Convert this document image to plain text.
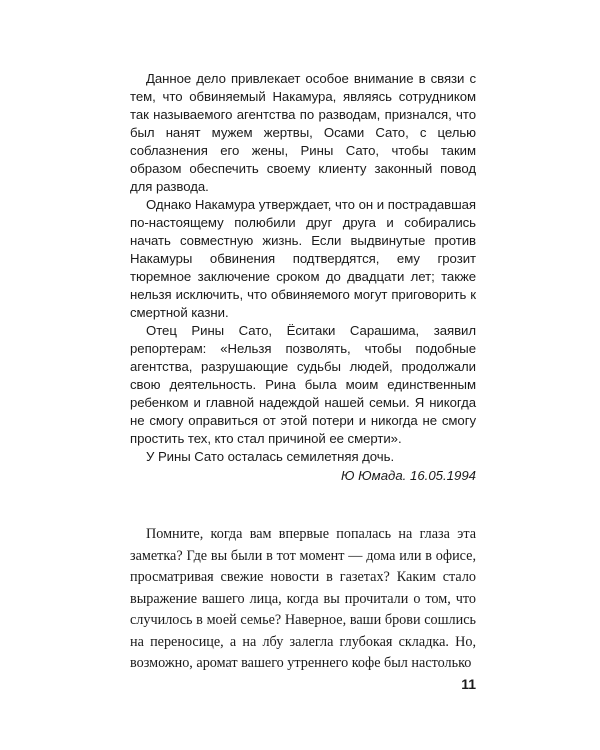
Данное дело привлекает особое внимание в связи с тем, что обвиняемый Накамура, являясь сотрудником так называемого агентства по разводам, признался, что был нанят мужем жертвы, Осами Сато, с целью соблазнения его жены, Рины Сато, чтобы таким образом обеспечить своему клиенту законный повод для развода.

Однако Накамура утверждает, что он и пострадавшая по-настоящему полюбили друг друга и собирались начать совместную жизнь. Если выдвинутые против Накамуры обвинения подтвердятся, ему грозит тюремное заключение сроком до двадцати лет; также нельзя исключить, что обвиняемого могут приговорить к смертной казни.

Отец Рины Сато, Ёситаки Сарашима, заявил репортерам: «Нельзя позволять, чтобы подобные агентства, разрушающие судьбы людей, продолжали свою деятельность. Рина была моим единственным ребенком и главной надеждой нашей семьи. Я никогда не смогу оправиться от этой потери и никогда не смогу простить тех, кто стал причиной ее смерти».

У Рины Сато осталась семилетняя дочь.

Ю Юмада. 16.05.1994

Помните, когда вам впервые попалась на глаза эта заметка? Где вы были в тот момент — дома или в офисе, просматривая свежие новости в газетах? Каким стало выражение вашего лица, когда вы прочитали о том, что случилось в моей семье? Наверное, ваши брови сошлись на переносице, а на лбу залегла глубокая складка. Но, возможно, аромат вашего утреннего кофе был настолько

11
